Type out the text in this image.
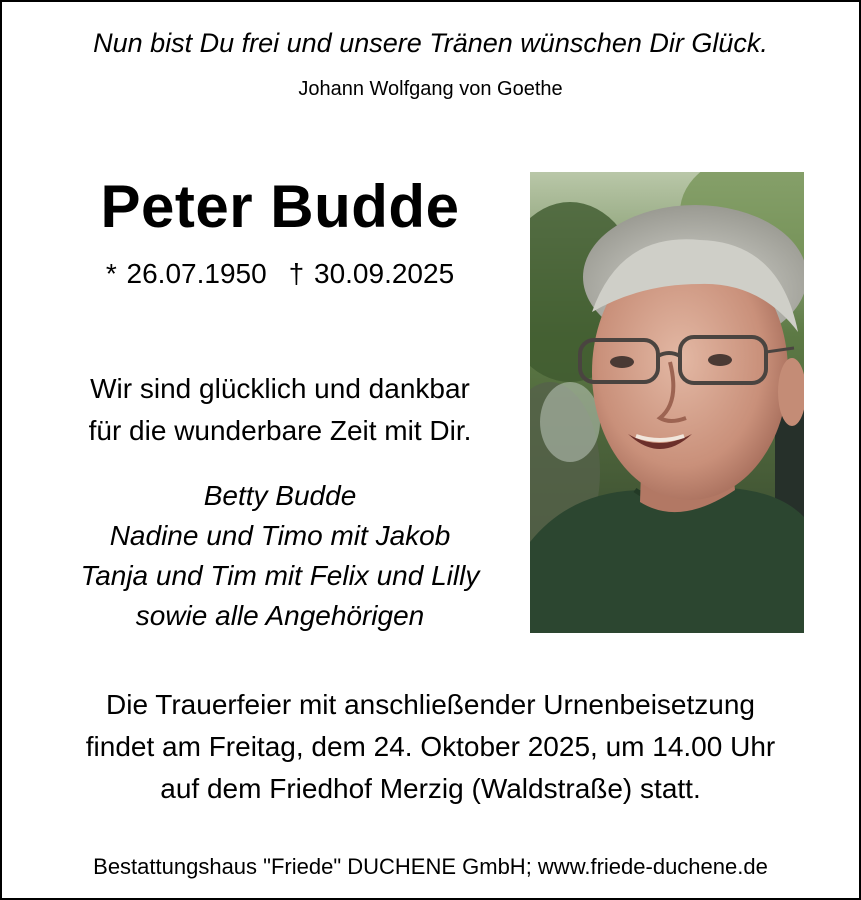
Nun bist Du frei und unsere Tränen wünschen Dir Glück.
Johann Wolfgang von Goethe
Peter Budde
* 26.07.1950 † 30.09.2025
Wir sind glücklich und dankbar
für die wunderbare Zeit mit Dir.
Betty Budde
Nadine und Timo mit Jakob
Tanja und Tim mit Felix und Lilly
sowie alle Angehörigen
Die Trauerfeier mit anschließender Urnenbeisetzung
findet am Freitag, dem 24. Oktober 2025, um 14.00 Uhr
auf dem Friedhof Merzig (Waldstraße) statt.
Bestattungshaus "Friede" DUCHENE GmbH; www.friede-duchene.de
